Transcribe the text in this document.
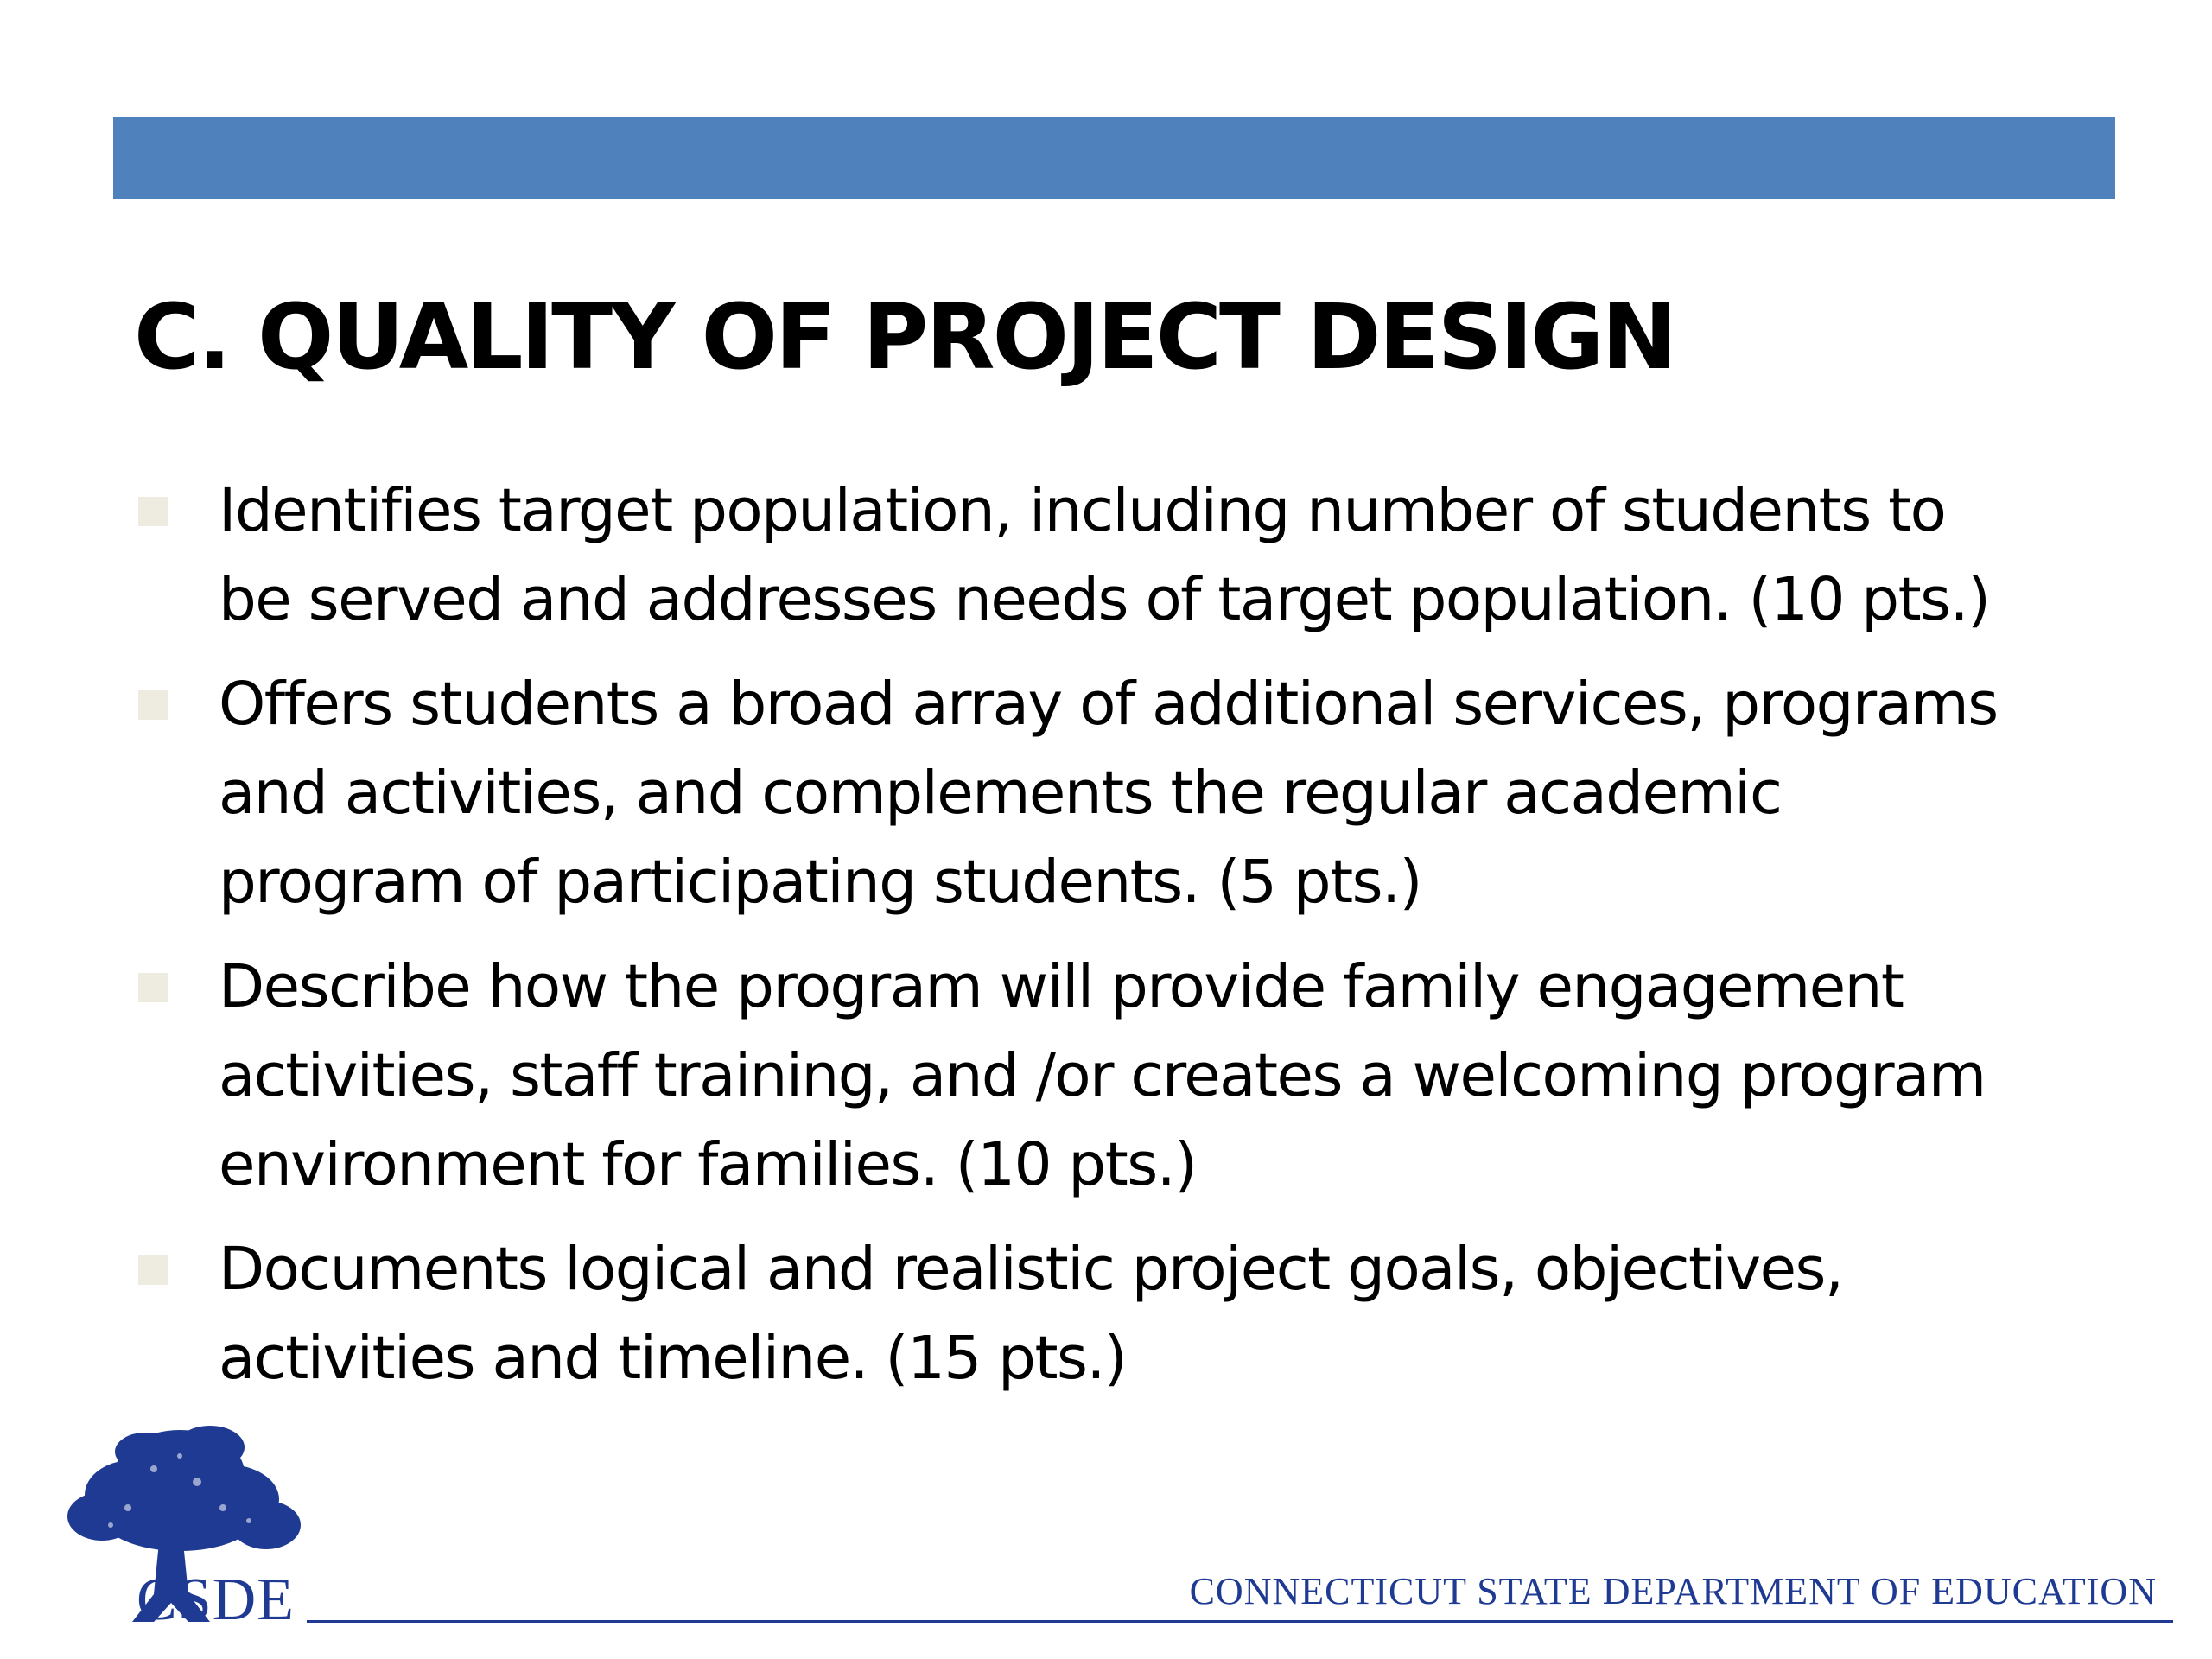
C. QUALITY OF PROJECT DESIGN
Identifies target population, including number of students to
be served and addresses needs of target population. (10 pts.)
Offers students a broad array of additional services, programs
and activities, and complements the regular academic
program of participating students. (5 pts.)
Describe how the program will provide family engagement
activities, staff training, and /or creates a welcoming program
environment for families. (10 pts.)
Documents logical and realistic project goals, objectives,
activities and timeline. (15 pts.)
CSDE	CONNECTICUT STATE DEPARTMENT OF EDUCATION
